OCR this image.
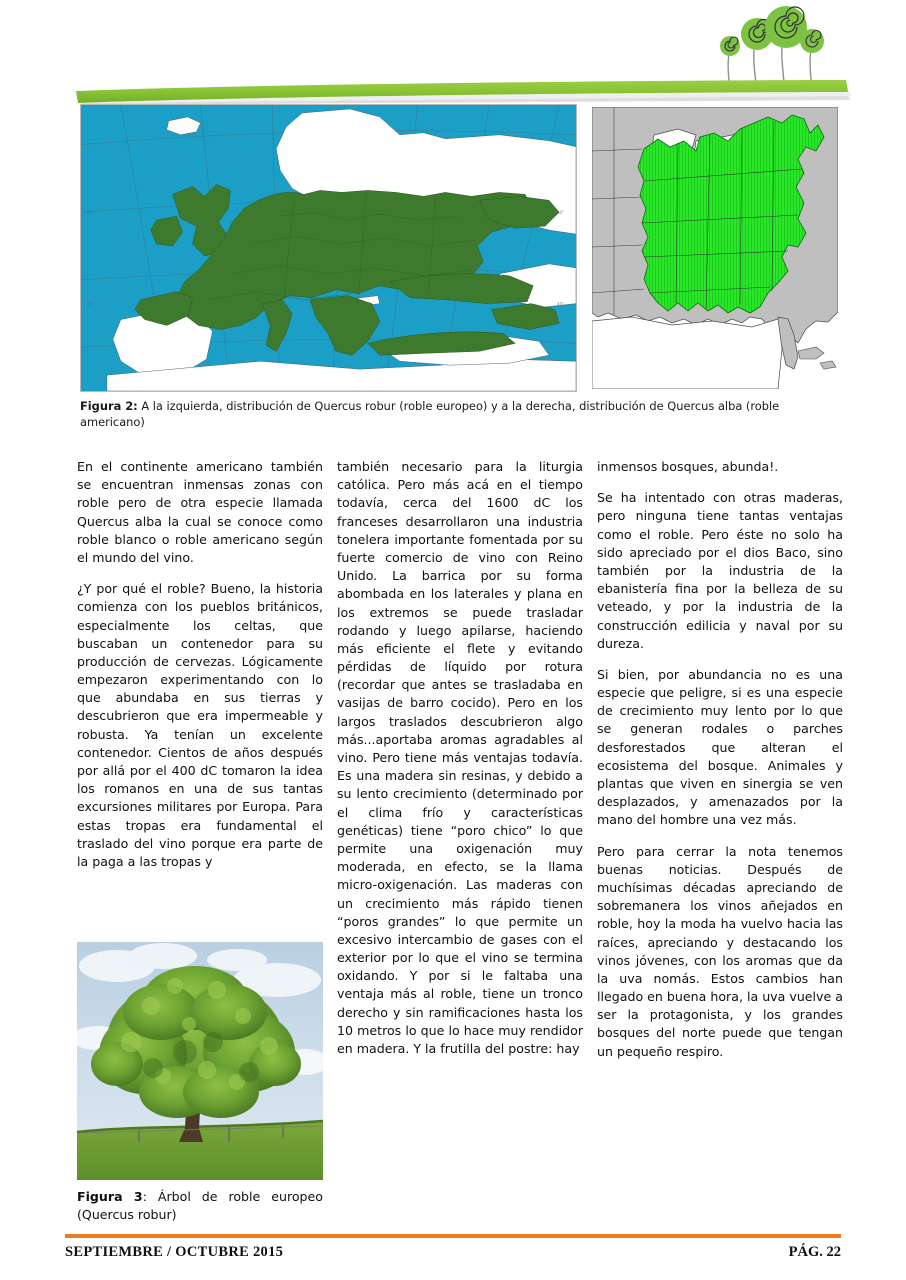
60°
40°
60°
40°
Figura 2: A la izquierda, distribución de Quercus robur (roble europeo) y a la derecha, distribución de Quercus alba (roble americano)

En el continente americano también se encuentran inmensas zonas con roble pero de otra especie llamada Quercus alba la cual se conoce como roble blanco o roble americano según el mundo del vino.

¿Y por qué el roble? Bueno, la historia comienza con los pueblos británicos, especialmente los celtas, que buscaban un contenedor para su producción de cervezas. Lógicamente empezaron experimentando con lo que abundaba en sus tierras y descubrieron que era impermeable y robusta. Ya tenían un excelente contenedor. Cientos de años después por allá por el 400 dC tomaron la idea los romanos en una de sus tantas excursiones militares por Europa. Para estas tropas era fundamental el traslado del vino porque era parte de la paga a las tropas y

también necesario para la liturgia católica. Pero más acá en el tiempo todavía, cerca del 1600 dC los franceses desarrollaron una industria tonelera importante fomentada por su fuerte comercio de vino con Reino Unido. La barrica por su forma abombada en los laterales y plana en los extremos se puede trasladar rodando y luego apilarse, haciendo más eficiente el flete y evitando pérdidas de líquido por rotura (recordar que antes se trasladaba en vasijas de barro cocido). Pero en los largos traslados descubrieron algo más...aportaba aromas agradables al vino. Pero tiene más ventajas todavía. Es una madera sin resinas, y debido a su lento crecimiento (determinado por el clima frío y características genéticas) tiene “poro chico” lo que permite una oxigenación muy moderada, en efecto, se la llama micro-oxigenación. Las maderas con un crecimiento más rápido tienen “poros grandes” lo que permite un excesivo intercambio de gases con el exterior por lo que el vino se termina oxidando. Y por si le faltaba una ventaja más al roble, tiene un tronco derecho y sin ramificaciones hasta los 10 metros lo que lo hace muy rendidor en madera. Y la frutilla del postre: hay

inmensos bosques, abunda!.

Se ha intentado con otras maderas, pero ninguna tiene tantas ventajas como el roble. Pero éste no solo ha sido apreciado por el dios Baco, sino también por la industria de la ebanistería fina por la belleza de su veteado, y por la industria de la construcción edilicia y naval por su dureza.

Si bien, por abundancia no es una especie que peligre, si es una especie de crecimiento muy lento por lo que se generan rodales o parches desforestados que alteran el ecosistema del bosque. Animales y plantas que viven en sinergia se ven desplazados, y amenazados por la mano del hombre una vez más.

Pero para cerrar la nota tenemos buenas noticias. Después de muchísimas décadas apreciando de sobremanera los vinos añejados en roble, hoy la moda ha vuelvo hacia las raíces, apreciando y destacando los vinos jóvenes, con los aromas que da la uva nomás. Estos cambios han llegado en buena hora, la uva vuelve a ser la protagonista, y los grandes bosques del norte puede que tengan un pequeño respiro.

Figura 3: Árbol de roble europeo (Quercus robur)
SEPTIEMBRE / OCTUBRE 2015	PÁG. 22
